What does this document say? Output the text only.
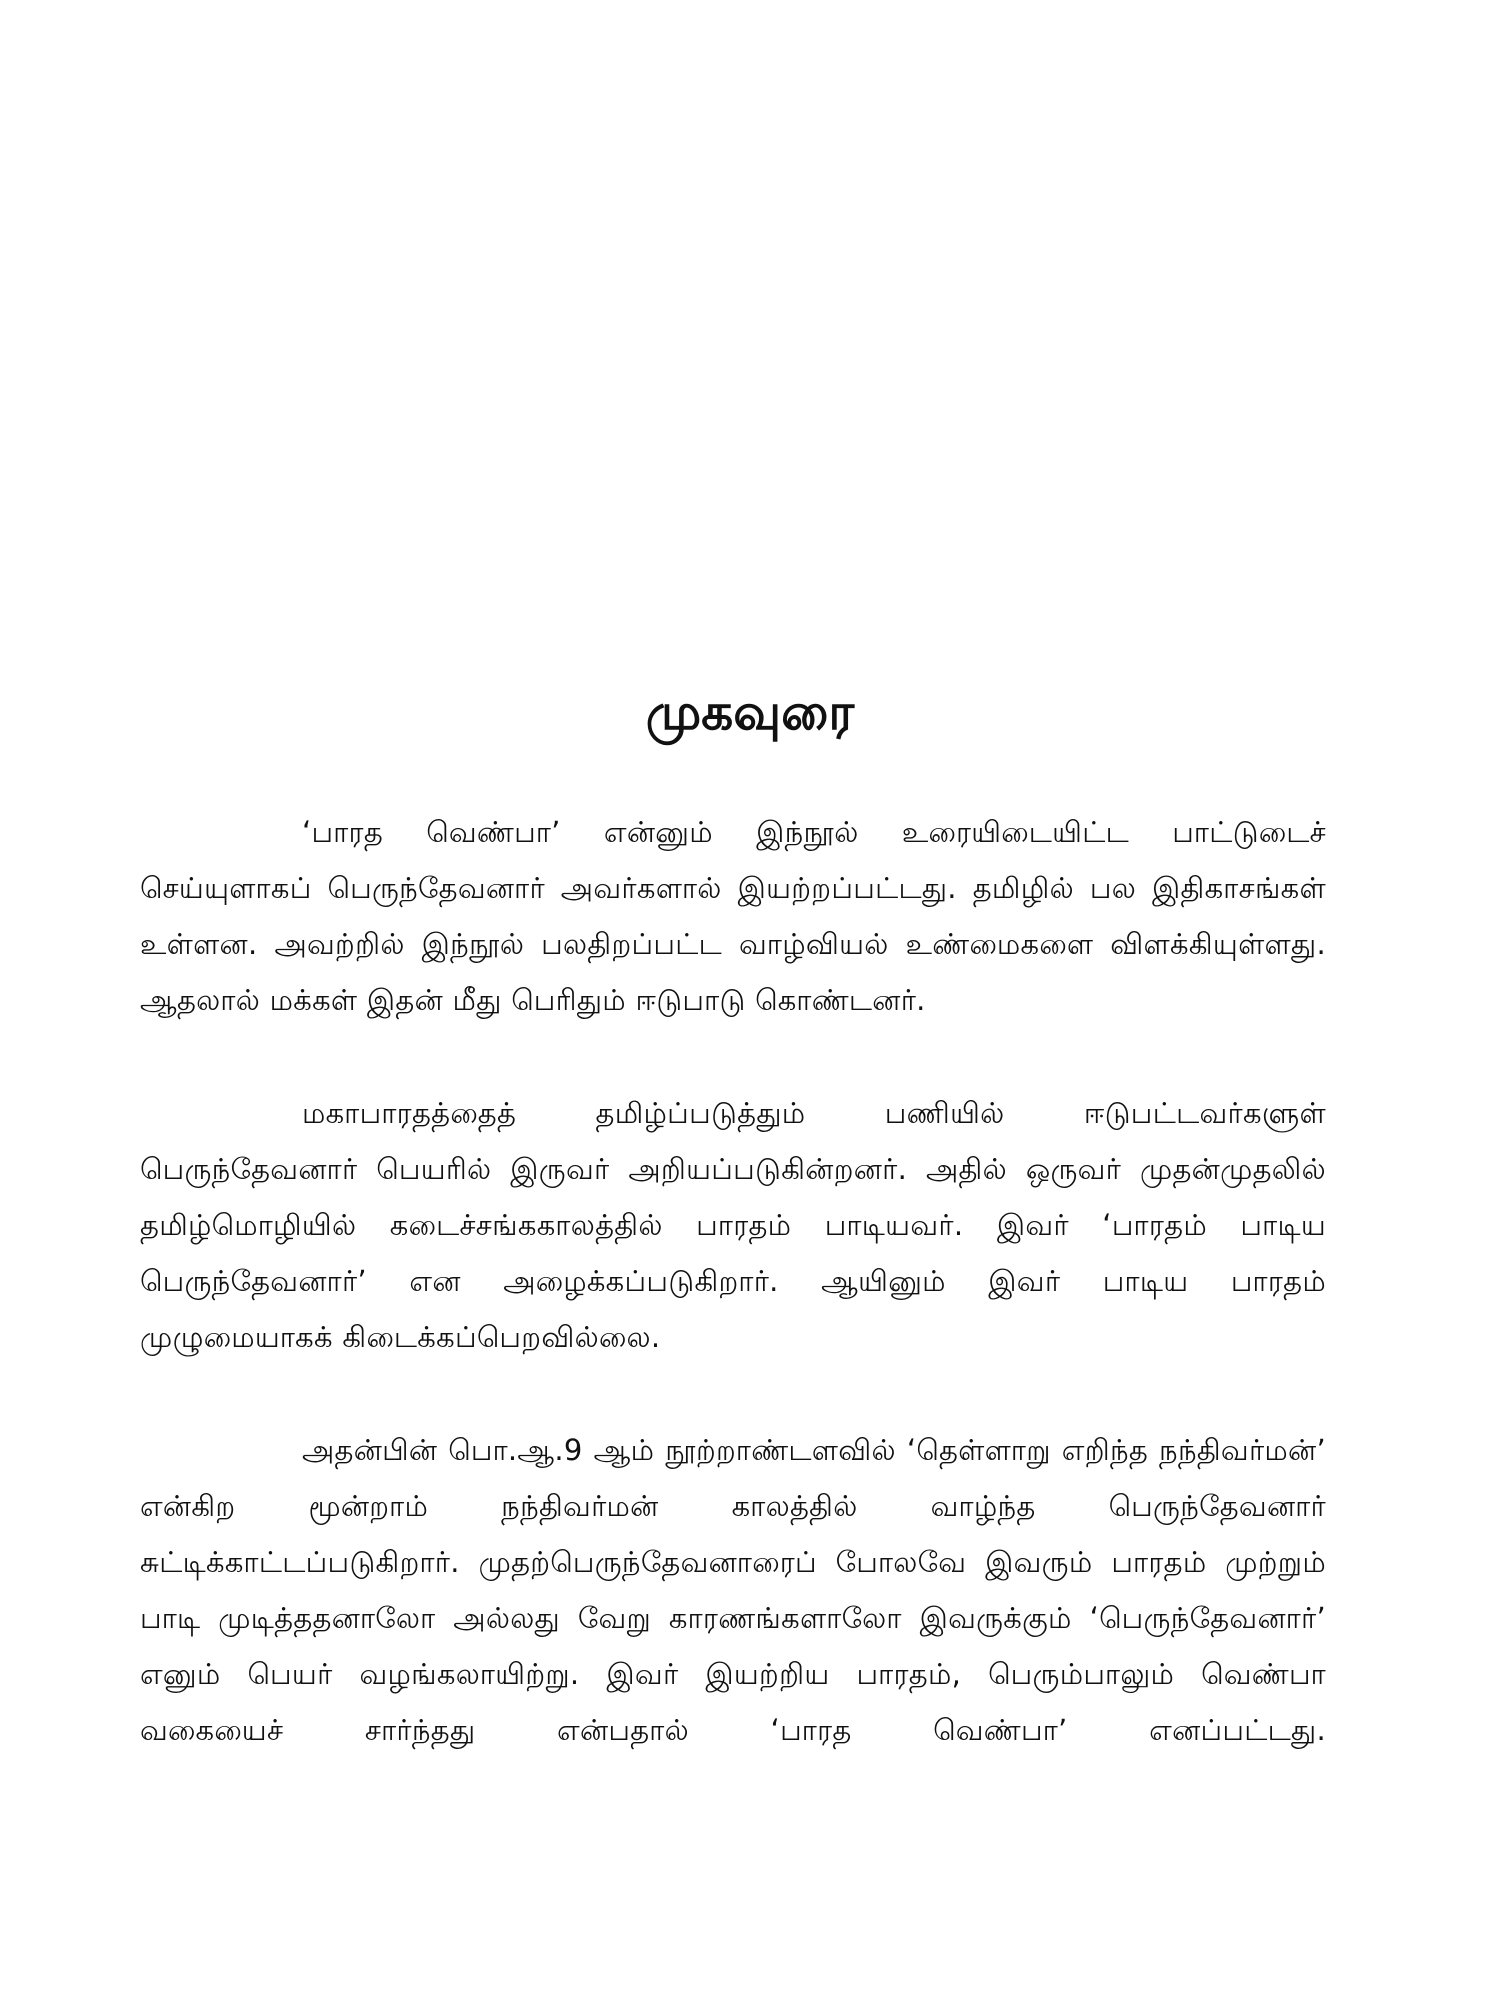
முகவுரை

‘பாரத வெண்பா’ என்னும் இந்நூல் உரையிடையிட்ட பாட்டுடைச் செய்யுளாகப் பெருந்தேவனார் அவர்களால் இயற்றப்பட்டது. தமிழில் பல இதிகாசங்கள் உள்ளன. அவற்றில் இந்நூல் பலதிறப்பட்ட வாழ்வியல் உண்மைகளை விளக்கியுள்ளது. ஆதலால் மக்கள் இதன் மீது பெரிதும் ஈடுபாடு கொண்டனர்.

மகாபாரதத்தைத் தமிழ்ப்படுத்தும் பணியில் ஈடுபட்டவர்களுள் பெருந்தேவனார் பெயரில் இருவர் அறியப்படுகின்றனர். அதில் ஒருவர் முதன்முதலில் தமிழ்மொழியில் கடைச்சங்ககாலத்தில் பாரதம் பாடியவர். இவர் ‘பாரதம் பாடிய பெருந்தேவனார்’ என அழைக்கப்படுகிறார். ஆயினும் இவர் பாடிய பாரதம் முழுமையாகக் கிடைக்கப்பெறவில்லை.

அதன்பின் பொ.ஆ.9 ஆம் நூற்றாண்டளவில் ‘தெள்ளாறு எறிந்த நந்திவர்மன்’ என்கிற மூன்றாம் நந்திவர்மன் காலத்தில் வாழ்ந்த பெருந்தேவனார் சுட்டிக்காட்டப்படுகிறார். முதற்பெருந்தேவனாரைப் போலவே இவரும் பாரதம் முற்றும் பாடி முடித்ததனாலோ அல்லது வேறு காரணங்களாலோ இவருக்கும் ‘பெருந்தேவனார்’ எனும் பெயர் வழங்கலாயிற்று. இவர் இயற்றிய பாரதம், பெரும்பாலும் வெண்பா வகையைச் சார்ந்தது என்பதால் ‘பாரத வெண்பா’ எனப்பட்டது.
